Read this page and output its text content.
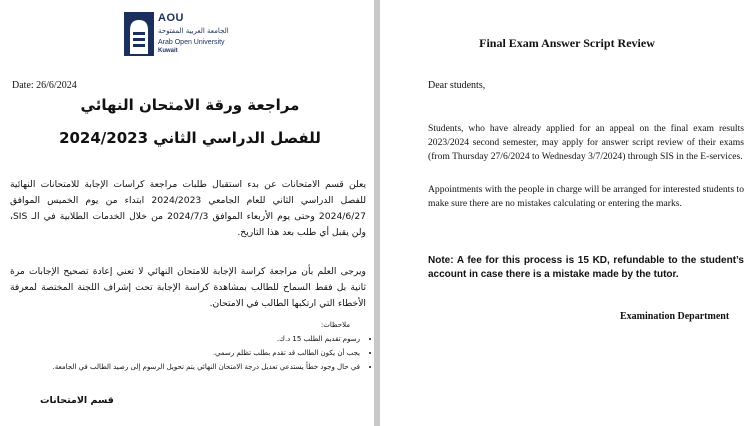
AOU
الجامعة العربية المفتوحة
Arab Open University
Kuwait
Date: 26/6/2024
مراجعة ورقة الامتحان النهائي
للفصل الدراسي الثاني 2024/2023
يعلن قسم الامتحانات عن بدء استقبال طلبات مراجعة كراسات الإجابة للامتحانات النهائية للفصل الدراسي الثاني للعام الجامعي 2024/2023 ابتداء من يوم الخميس الموافق 2024/6/27 وحتى يوم الأربعاء الموافق 2024/7/3 من خلال الخدمات الطلابية في الـ SIS، ولن يقبل أي طلب بعد هذا التاريخ.
ويرجى العلم بأن مراجعة كراسة الإجابة للامتحان النهائي لا تعني إعادة تصحيح الإجابات مرة ثانية بل فقط السماح للطالب بمشاهدة كراسة الإجابة تحت إشراف اللجنة المختصة لمعرفة الأخطاء التي ارتكبها الطالب في الامتحان.
ملاحظات:
• رسوم تقديم الطلب 15 د.ك.
• يجب أن يكون الطالب قد تقدم بطلب تظلم رسمي.
• في حال وجود خطأ يستدعي تعديل درجة الامتحان النهائي يتم تحويل الرسوم إلى رصيد الطالب في الجامعة.
قسم الامتحانات
Final Exam Answer Script Review
Dear students,
Students, who have already applied for an appeal on the final exam results 2023/2024 second semester, may apply for answer script review of their exams (from Thursday 27/6/2024 to Wednesday 3/7/2024) through SIS in the E-services.
Appointments with the people in charge will be arranged for interested students to make sure there are no mistakes calculating or entering the marks.
Note: A fee for this process is 15 KD, refundable to the student’s account in case there is a mistake made by the tutor.
Examination Department
